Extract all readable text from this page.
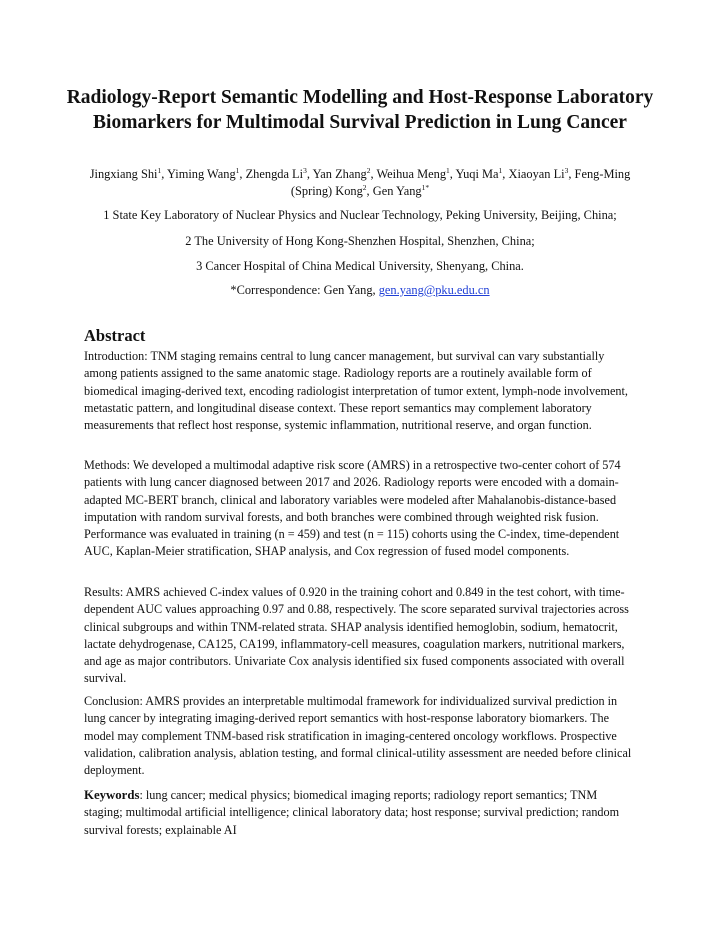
Radiology-Report Semantic Modelling and Host-Response Laboratory Biomarkers for Multimodal Survival Prediction in Lung Cancer
Jingxiang Shi$^1$, Yiming Wang$^1$, Zhengda Li$^3$, Yan Zhang$^2$, Weihua Meng$^1$, Yuqi Ma$^1$, Xiaoyan Li$^3$, Feng-Ming (Spring) Kong$^2$, Gen Yang$^{1*}$
1 State Key Laboratory of Nuclear Physics and Nuclear Technology, Peking University, Beijing, China;
2 The University of Hong Kong-Shenzhen Hospital, Shenzhen, China;
3 Cancer Hospital of China Medical University, Shenyang, China.
*Correspondence: Gen Yang, gen.yang@pku.edu.cn
Abstract

Introduction: TNM staging remains central to lung cancer management, but survival can vary substantially among patients assigned to the same anatomic stage. Radiology reports are a routinely available form of biomedical imaging-derived text, encoding radiologist interpretation of tumor extent, lymph-node involvement, metastatic pattern, and longitudinal disease context. These report semantics may complement laboratory measurements that reflect host response, systemic inflammation, nutritional reserve, and organ function.

Methods: We developed a multimodal adaptive risk score (AMRS) in a retrospective two-center cohort of 574 patients with lung cancer diagnosed between 2017 and 2026. Radiology reports were encoded with a domain-adapted MC-BERT branch, clinical and laboratory variables were modeled after Mahalanobis-distance-based imputation with random survival forests, and both branches were combined through weighted risk fusion. Performance was evaluated in training (n = 459) and test (n = 115) cohorts using the C-index, time-dependent AUC, Kaplan-Meier stratification, SHAP analysis, and Cox regression of fused model components.

Results: AMRS achieved C-index values of 0.920 in the training cohort and 0.849 in the test cohort, with time-dependent AUC values approaching 0.97 and 0.88, respectively. The score separated survival trajectories across clinical subgroups and within TNM-related strata. SHAP analysis identified hemoglobin, sodium, hematocrit, lactate dehydrogenase, CA125, CA199, inflammatory-cell measures, coagulation markers, nutritional markers, and age as major contributors. Univariate Cox analysis identified six fused components associated with overall survival.

Conclusion: AMRS provides an interpretable multimodal framework for individualized survival prediction in lung cancer by integrating imaging-derived report semantics with host-response laboratory biomarkers. The model may complement TNM-based risk stratification in imaging-centered oncology workflows. Prospective validation, calibration analysis, ablation testing, and formal clinical-utility assessment are needed before clinical deployment.

Keywords: lung cancer; medical physics; biomedical imaging reports; radiology report semantics; TNM staging; multimodal artificial intelligence; clinical laboratory data; host response; survival prediction; random survival forests; explainable AI
